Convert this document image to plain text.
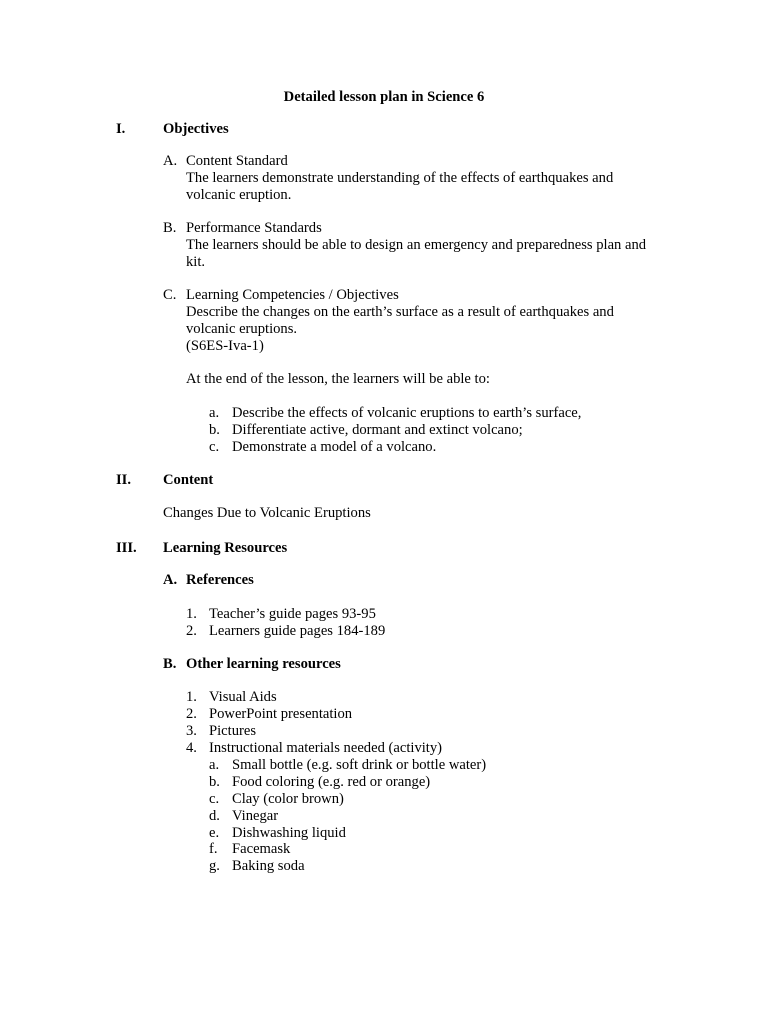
Detailed lesson plan in Science 6
I.	Objectives
A. Content Standard
The learners demonstrate understanding of the effects of earthquakes and
volcanic eruption.
B. Performance Standards
The learners should be able to design an emergency and preparedness plan and
kit.
C. Learning Competencies / Objectives
Describe the changes on the earth’s surface as a result of earthquakes and
volcanic eruptions.
(S6ES-Iva-1)
At the end of the lesson, the learners will be able to:
a. Describe the effects of volcanic eruptions to earth’s surface,
b. Differentiate active, dormant and extinct volcano;
c. Demonstrate a model of a volcano.
II. Content
Changes Due to Volcanic Eruptions
III. Learning Resources
A. References
1. Teacher’s guide pages 93-95
2. Learners guide pages 184-189
B. Other learning resources
1. Visual Aids
2. PowerPoint presentation
3. Pictures
4. Instructional materials needed (activity)
a. Small bottle (e.g. soft drink or bottle water)
b. Food coloring (e.g. red or orange)
c. Clay (color brown)
d. Vinegar
e. Dishwashing liquid
f. Facemask
g. Baking soda
